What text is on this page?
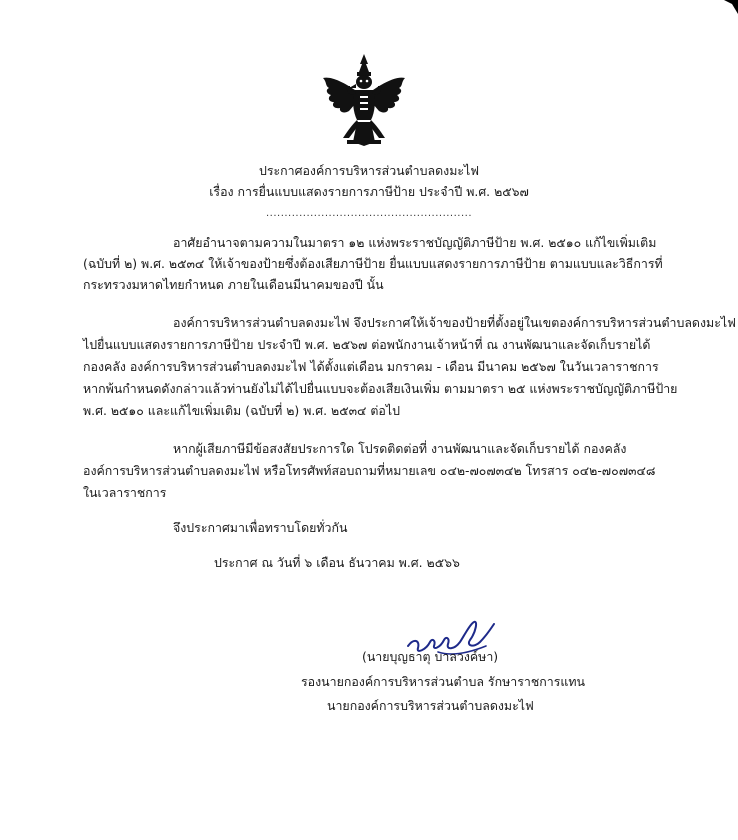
ประกาศองค์การบริหารส่วนตำบลดงมะไฟ
เรื่อง การยื่นแบบแสดงรายการภาษีป้าย ประจำปี พ.ศ. ๒๕๖๗
........................................................
อาศัยอำนาจตามความในมาตรา ๑๒ แห่งพระราชบัญญัติภาษีป้าย พ.ศ. ๒๕๑๐ แก้ไขเพิ่มเติม
(ฉบับที่ ๒) พ.ศ. ๒๕๓๔ ให้เจ้าของป้ายซึ่งต้องเสียภาษีป้าย ยื่นแบบแสดงรายการภาษีป้าย ตามแบบและวิธีการที่
กระทรวงมหาดไทยกำหนด ภายในเดือนมีนาคมของปี นั้น
องค์การบริหารส่วนตำบลดงมะไฟ จึงประกาศให้เจ้าของป้ายที่ตั้งอยู่ในเขตองค์การบริหารส่วนตำบลดงมะไฟ
ไปยื่นแบบแสดงรายการภาษีป้าย ประจำปี พ.ศ. ๒๕๖๗ ต่อพนักงานเจ้าหน้าที่ ณ งานพัฒนาและจัดเก็บรายได้
กองคลัง องค์การบริหารส่วนตำบลดงมะไฟ ได้ตั้งแต่เดือน มกราคม - เดือน มีนาคม ๒๕๖๗ ในวันเวลาราชการ
หากพ้นกำหนดดังกล่าวแล้วท่านยังไม่ได้ไปยื่นแบบจะต้องเสียเงินเพิ่ม ตามมาตรา ๒๕ แห่งพระราชบัญญัติภาษีป้าย
พ.ศ. ๒๕๑๐ และแก้ไขเพิ่มเติม (ฉบับที่ ๒) พ.ศ. ๒๕๓๔ ต่อไป
หากผู้เสียภาษีมีข้อสงสัยประการใด โปรดติดต่อที่ งานพัฒนาและจัดเก็บรายได้ กองคลัง
องค์การบริหารส่วนตำบลดงมะไฟ หรือโทรศัพท์สอบถามที่หมายเลข ๐๔๒-๗๐๗๓๔๒ โทรสาร ๐๔๒-๗๐๗๓๔๘
ในเวลาราชการ
จึงประกาศมาเพื่อทราบโดยทั่วกัน
ประกาศ ณ วันที่ ๖ เดือน ธันวาคม พ.ศ. ๒๕๖๖
(นายบุญธาตุ บาลวงค์ษา)
รองนายกองค์การบริหารส่วนตำบล รักษาราชการแทน
นายกองค์การบริหารส่วนตำบลดงมะไฟ
